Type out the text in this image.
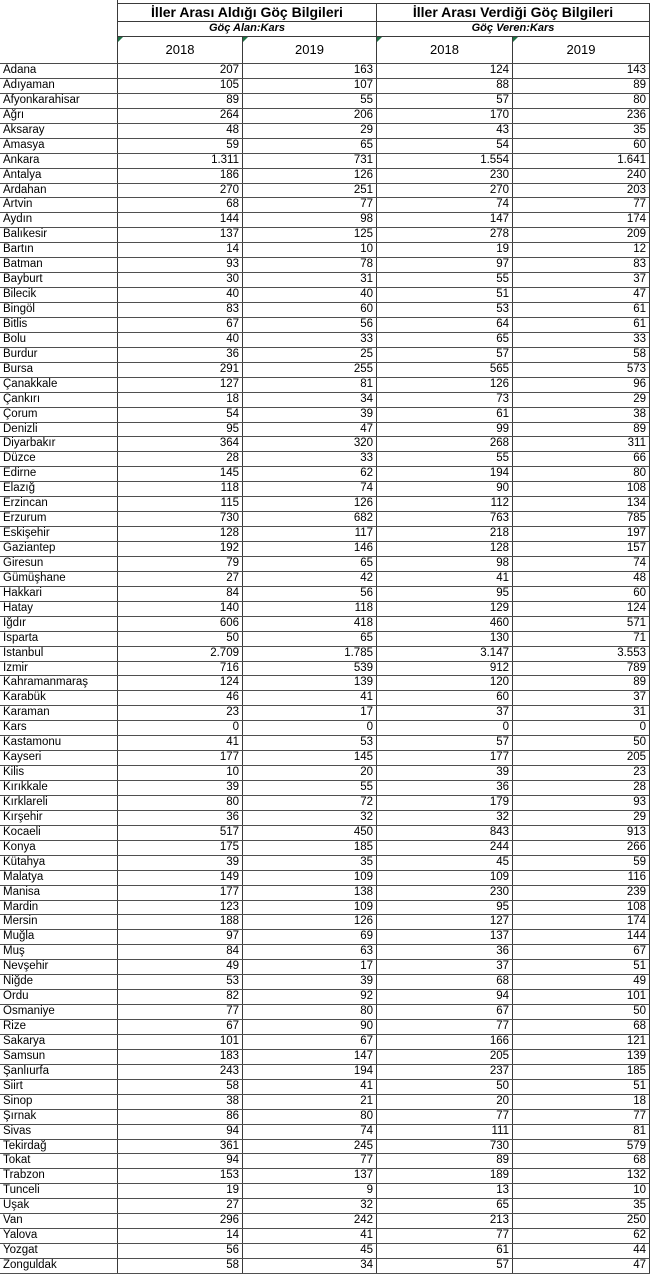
İller Arası Aldığı Göç Bilgileri	İller Arası Verdiği Göç Bilgileri
Göç Alan:Kars	Göç Veren:Kars
2018	2019	2018	2019
Adana	207	163	124	143
Adıyaman	105	107	88	89
Afyonkarahisar	89	55	57	80
Ağrı	264	206	170	236
Aksaray	48	29	43	35
Amasya	59	65	54	60
Ankara	1.311	731	1.554	1.641
Antalya	186	126	230	240
Ardahan	270	251	270	203
Artvin	68	77	74	77
Aydın	144	98	147	174
Balıkesir	137	125	278	209
Bartın	14	10	19	12
Batman	93	78	97	83
Bayburt	30	31	55	37
Bilecik	40	40	51	47
Bingöl	83	60	53	61
Bitlis	67	56	64	61
Bolu	40	33	65	33
Burdur	36	25	57	58
Bursa	291	255	565	573
Çanakkale	127	81	126	96
Çankırı	18	34	73	29
Çorum	54	39	61	38
Denizli	95	47	99	89
Diyarbakır	364	320	268	311
Düzce	28	33	55	66
Edirne	145	62	194	80
Elazığ	118	74	90	108
Erzincan	115	126	112	134
Erzurum	730	682	763	785
Eskişehir	128	117	218	197
Gaziantep	192	146	128	157
Giresun	79	65	98	74
Gümüşhane	27	42	41	48
Hakkari	84	56	95	60
Hatay	140	118	129	124
Iğdır	606	418	460	571
Isparta	50	65	130	71
İstanbul	2.709	1.785	3.147	3.553
İzmir	716	539	912	789
Kahramanmaraş	124	139	120	89
Karabük	46	41	60	37
Karaman	23	17	37	31
Kars	0	0	0	0
Kastamonu	41	53	57	50
Kayseri	177	145	177	205
Kilis	10	20	39	23
Kırıkkale	39	55	36	28
Kırklareli	80	72	179	93
Kırşehir	36	32	32	29
Kocaeli	517	450	843	913
Konya	175	185	244	266
Kütahya	39	35	45	59
Malatya	149	109	109	116
Manisa	177	138	230	239
Mardin	123	109	95	108
Mersin	188	126	127	174
Muğla	97	69	137	144
Muş	84	63	36	67
Nevşehir	49	17	37	51
Niğde	53	39	68	49
Ordu	82	92	94	101
Osmaniye	77	80	67	50
Rize	67	90	77	68
Sakarya	101	67	166	121
Samsun	183	147	205	139
Şanlıurfa	243	194	237	185
Siirt	58	41	50	51
Sinop	38	21	20	18
Şırnak	86	80	77	77
Sivas	94	74	111	81
Tekirdağ	361	245	730	579
Tokat	94	77	89	68
Trabzon	153	137	189	132
Tunceli	19	9	13	10
Uşak	27	32	65	35
Van	296	242	213	250
Yalova	14	41	77	62
Yozgat	56	45	61	44
Zonguldak	58	34	57	47
